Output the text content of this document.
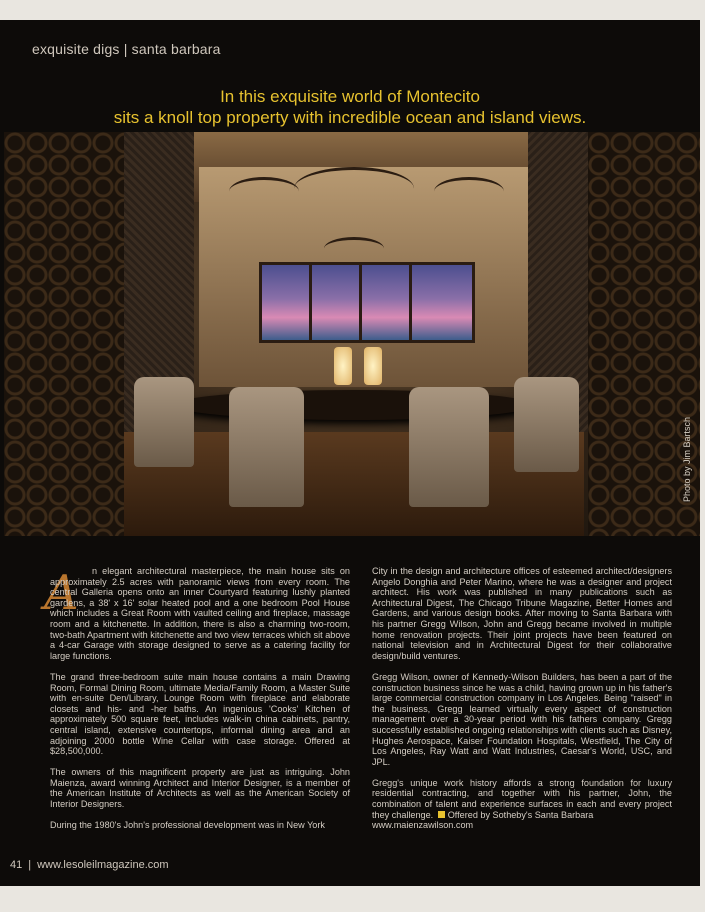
exquisite digs | santa barbara
In this exquisite world of Montecito
sits a knoll top property with incredible ocean and island views.
Photo by Jim Bartsch
A	n elegant architectural masterpiece, the main house sits on approximately 2.5 acres with panoramic views from every room. The central Galleria opens onto an inner Courtyard featuring lushly planted gardens, a 38' x 16' solar heated pool and a one bedroom Pool House which includes a Great Room with vaulted ceiling and fireplace, massage room and a kitchenette. In addition, there is also a charming two-room, two-bath Apartment with kitchenette and two view terraces which sit above a 4-car Garage with storage designed to serve as a catering facility for large functions.

The grand three-bedroom suite main house contains a main Drawing Room, Formal Dining Room, ultimate Media/Family Room, a Master Suite with en-suite Den/Library, Lounge Room with fireplace and elaborate closets and his- and -her baths. An ingenious 'Cooks' Kitchen of approximately 500 square feet, includes walk-in china cabinets, pantry, central island, extensive countertops, informal dining area and an adjoining 2000 bottle Wine Cellar with case storage. Offered at $28,500,000.

The owners of this magnificent property are just as intriguing. John Maienza, award winning Architect and Interior Designer, is a member of the American Institute of Architects as well as the American Society of Interior Designers.

During the 1980's John's professional development was in New York

City in the design and architecture offices of esteemed architect/designers Angelo Donghia and Peter Marino, where he was a designer and project architect. His work was published in many publications such as Architectural Digest, The Chicago Tribune Magazine, Better Homes and Gardens, and various design books. After moving to Santa Barbara with his partner Gregg Wilson, John and Gregg became involved in multiple home renovation projects. Their joint projects have been featured on national television and in Architectural Digest for their collaborative design/build ventures.

Gregg Wilson, owner of Kennedy-Wilson Builders, has been a part of the construction business since he was a child, having grown up in his father's large commercial construction company in Los Angeles. Being "raised" in the business, Gregg learned virtually every aspect of construction management over a 30-year period with his fathers company. Gregg successfully established ongoing relationships with clients such as Disney, Hughes Aerospace, Kaiser Foundation Hospitals, Westfield, The City of Los Angeles, Ray Watt and Watt Industries, Caesar's World, USC, and JPL.

Gregg's unique work history affords a strong foundation for luxury residential contracting, and together with his partner, John, the combination of talent and experience surfaces in each and every project they challenge. Offered by Sotheby's Santa Barbara
www.maienzawilson.com

41 | www.lesoleilmagazine.com
